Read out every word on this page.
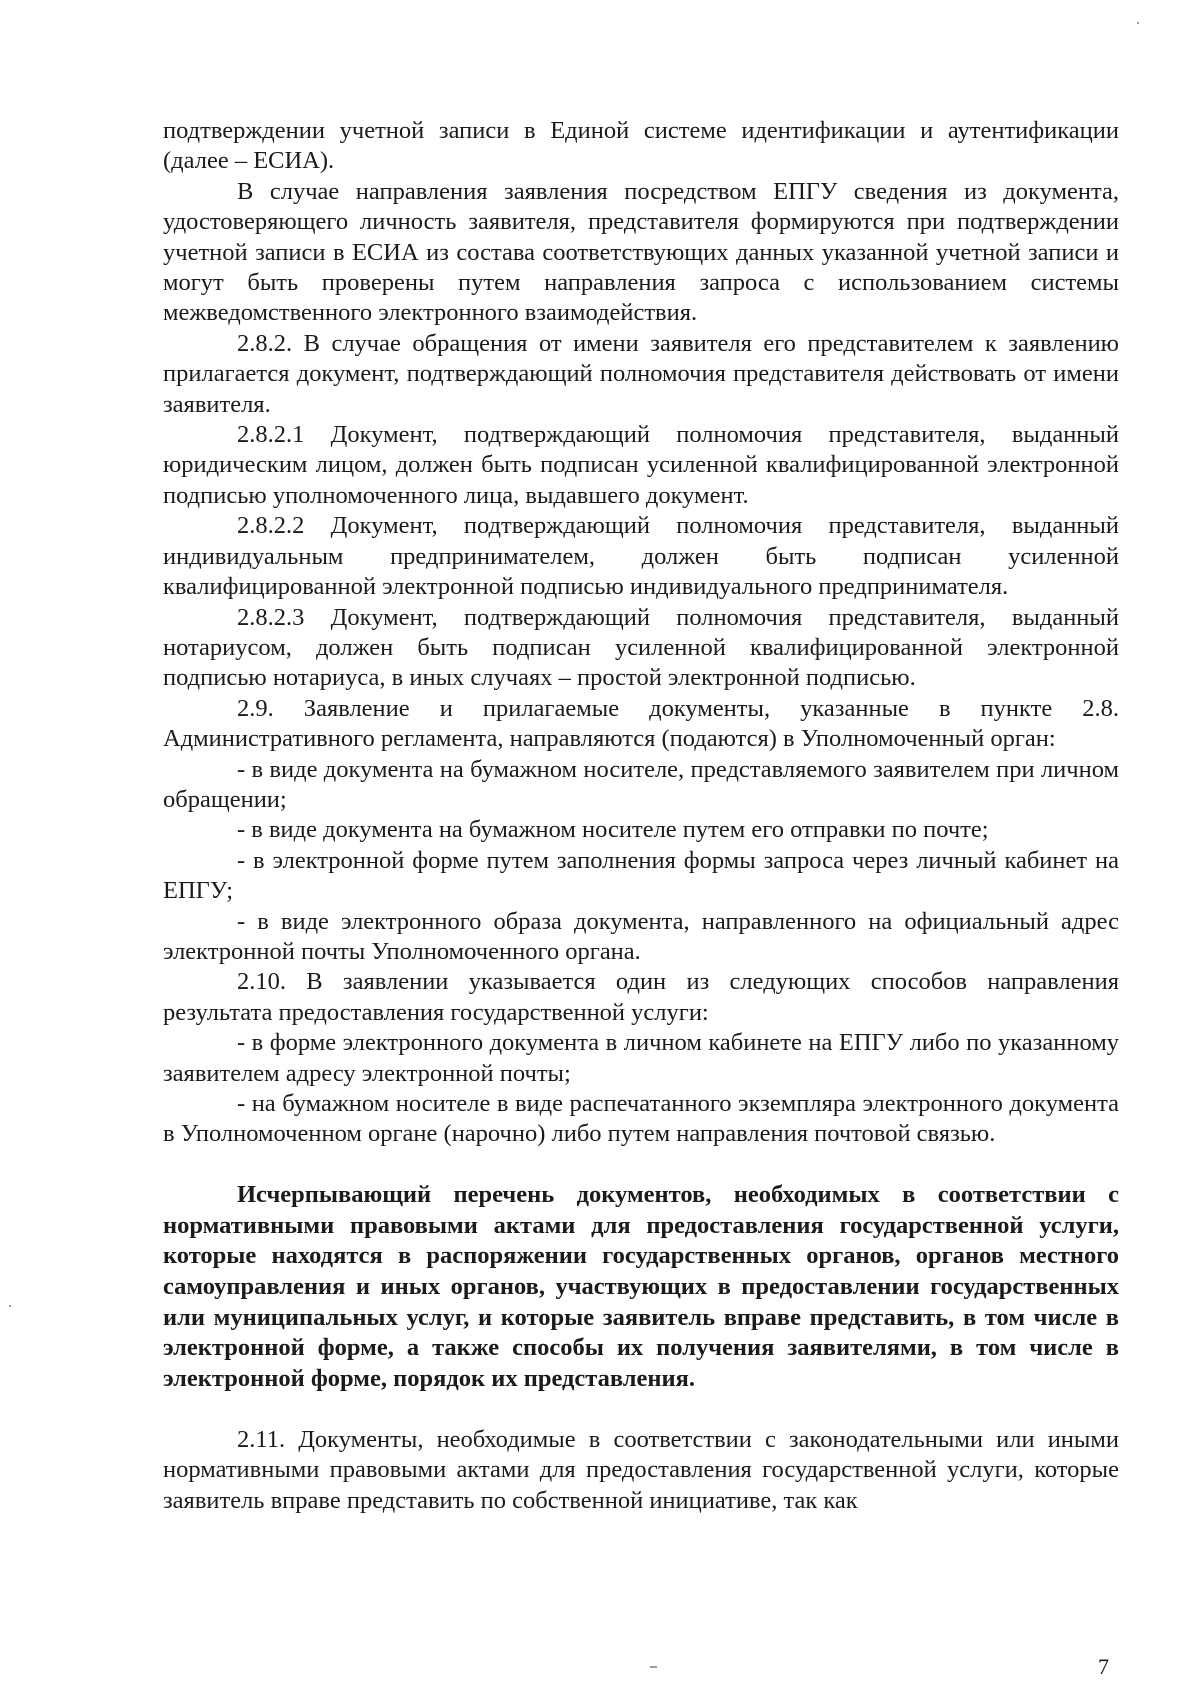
подтверждении учетной записи в Единой системе идентификации и аутентификации (далее – ЕСИА).

В случае направления заявления посредством ЕПГУ сведения из документа, удостоверяющего личность заявителя, представителя формируются при подтверждении учетной записи в ЕСИА из состава соответствующих данных указанной учетной записи и могут быть проверены путем направления запроса с использованием системы межведомственного электронного взаимодействия.

2.8.2. В случае обращения от имени заявителя его представителем к заявлению прилагается документ, подтверждающий полномочия представителя действовать от имени заявителя.

2.8.2.1 Документ, подтверждающий полномочия представителя, выданный юридическим лицом, должен быть подписан усиленной квалифицированной электронной подписью уполномоченного лица, выдавшего документ.

2.8.2.2 Документ, подтверждающий полномочия представителя, выданный индивидуальным предпринимателем, должен быть подписан усиленной квалифицированной электронной подписью индивидуального предпринимателя.

2.8.2.3 Документ, подтверждающий полномочия представителя, выданный нотариусом, должен быть подписан усиленной квалифицированной электронной подписью нотариуса, в иных случаях – простой электронной подписью.

2.9. Заявление и прилагаемые документы, указанные в пункте 2.8. Административного регламента, направляются (подаются) в Уполномоченный орган:

- в виде документа на бумажном носителе, представляемого заявителем при личном обращении;

- в виде документа на бумажном носителе путем его отправки по почте;

- в электронной форме путем заполнения формы запроса через личный кабинет на ЕПГУ;

- в виде электронного образа документа, направленного на официальный адрес электронной почты Уполномоченного органа.

2.10. В заявлении указывается один из следующих способов направления результата предоставления государственной услуги:

- в форме электронного документа в личном кабинете на ЕПГУ либо по указанному заявителем адресу электронной почты;

- на бумажном носителе в виде распечатанного экземпляра электронного документа в Уполномоченном органе (нарочно) либо путем направления почтовой связью.

Исчерпывающий перечень документов, необходимых в соответствии с нормативными правовыми актами для предоставления государственной услуги, которые находятся в распоряжении государственных органов, органов местного самоуправления и иных органов, участвующих в предоставлении государственных или муниципальных услуг, и которые заявитель вправе представить, в том числе в электронной форме, а также способы их получения заявителями, в том числе в электронной форме, порядок их представления.

2.11. Документы, необходимые в соответствии с законодательными или иными нормативными правовыми актами для предоставления государственной услуги, которые заявитель вправе представить по собственной инициативе, так как

7
